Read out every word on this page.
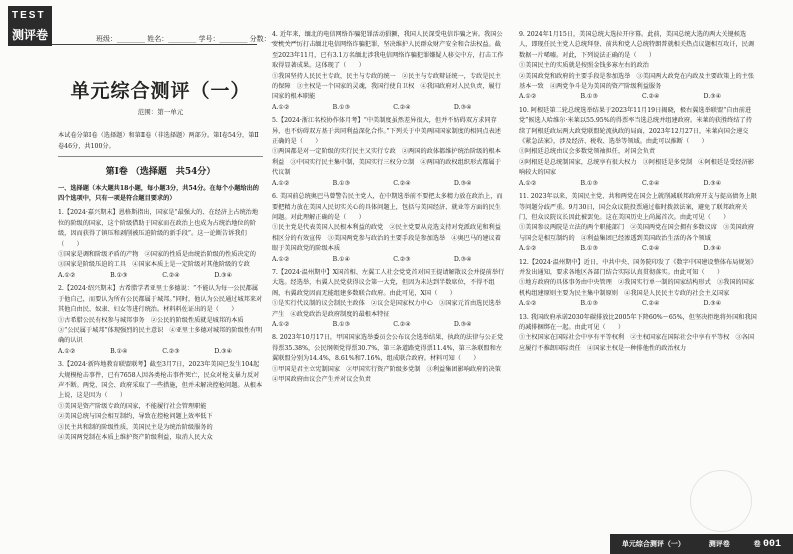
TEST
测评卷	班级：________ 姓名：________ 学号：________ 分数：________
单元综合测评（一）
范围：第一单元
本试卷分第Ⅰ卷（选择题）和第Ⅱ卷（非选择题）两部分。第Ⅰ卷54分，第Ⅱ卷46分，共100分。
第Ⅰ卷 （选择题　共54分）
一、选择题（本大题共18小题，每小题3分，共54分。在每个小题给出的四个选项中，只有一项是符合题目要求的）

1.【2024·嘉兴期末】恩格斯指出，国家是“最强大的、在经济上占统治地位的阶级的国家，这个阶级借助于国家而在政治上也成为占统治地位的阶级，因而获得了镇压和剥削被压迫阶级的新手段”。这一论断告诉我们（　　）

①国家是调和阶级矛盾的产物　②国家的性质是由统治阶级的性质决定的　③国家是阶级压迫的工具　④国家本质上是一定阶级对其他阶级的专政

A.①②	B.①③	C.②④	D.③④

2.【2024·绍兴期末】古希腊学者亚里士多德说：“不能认为每一公民都属于他自己，而要认为所有公民都属于城邦。”同时，他认为公民通过城邦来对其他自由民、奴隶、妇女等进行统治。材料料佐证出的是（　　）

①古希腊公民有权参与城邦事务　②公民的阶级性质就是城邦的本质　③“公民属于城邦”体现强烈的民主意识　④亚里士多德对城邦的阶级性有明确的认识

A.①②	B.①④	C.②③	D.③④

3.【2024·新阵地教育联盟联考】截至3月7日，2023年美国已发生104起大规模枪击事件，已有7658人因各类枪击事件死亡，民众对枪支暴力反对声不断。两党、国会、政府采取了一些措施，但并未解决控枪问题。从根本上说，这是因为（　　）

①美国是资产阶级专政的国家，不能履行社会管理职能

②美国总统与国会相互制约，导致在控枪问题上效率低下

③民主共和制的阶级性质，美国民主是为统治阶级服务的

④美国两党制在本质上维护资产阶级利益，取消人民大众

4. 近年来，缅北的电信网络诈骗犯罪活动猖獗，我国人民深受电信诈骗之害。我国公安机关严厉打击缅北电信网络诈骗犯罪，坚决维护人民群众财产安全和合法权益。截至2023年11月，已有3.1万名缅北涉我电信网络诈骗犯罪嫌疑人移交中方，打击工作取得显著成果。这体现了（　　）

①我国坚持人民民主专政，民主与专政的统一　②民主与专政辩证统一，专政是民主的保障　③主权是一个国家的灵魂，我国行使自卫权　④我国政府对人民负责，履行国家的根本职能

A.①②	B.①③	C.②④	D.③④

5.【2024·浙江名校协作体月考】“中美制度虽然差异很大，但并不妨碍双方求同存异，也不妨碍双方基于共同利益深化合作。”下列关于中美两国国家制度的相同点表述正确的是（　　）

①两国都是对一定阶级的实行民主又实行专政　②两国的政体都维护统治阶级的根本利益　③中国实行民主集中制，美国实行三权分立制　④两国的政权组织形式都属于代议制

A.①②	B.①③	C.②④	D.③④

6. 美国前总统奥巴马曾警告民主党人，在中期选举前不要把太多精力放在政治上，而要把精力放在美国人民切实关心的具体问题上，包括与美国经济、就业等方面的民生问题。对此理解正确的是（　　）

①民主党是代表美国人民根本利益的政党　②民主党要从竞选支持对党派政见和利益相区分的有效宣传　③美国两党参与政治的主要手段是参加选举　④奥巴马的建议着眼于美国政党的阶级本质

A.①②	B.①④	C.②③	D.③④

7.【2024·温州期中】X国首相、左翼工人社会党党首对国王提请解散议会并提前举行大选。经选举，右翼人民党获得议会第一大党，但因为未达到半数席位，不得不组阁，右翼政党因而无能组建多数联合政府。由此可见，X国（　　）

①是实行代议制的议会制民主政体　②议会是国家权力中心　③国家元首由选民选举产生　④政党政治是政府制度的最根本特征

A.①②	B.①③	C.②④	D.③④

8. 2023年10月17日，甲国国家选举委员会公布议会选举结果，执政的法律与公正党得票35.38%，公民纲领党得票30.7%，第三条道路党得票11.4%，第三条联盟和左翼联盟分别为14.4%，8.61%和7.16%，组成联合政府。材料可知（　　）

①甲国是君主立宪制国家　②甲国实行资产阶级多党制　③利益集团影响政府的决策　④甲国政府由议会产生并对议会负责

9. 2024年1月15日，美国总统大选拉开序幕。此前，美国总统大选的两大关键候选人，即现任民主党人总统拜登、前共和党人总统特朗普就相关热点议题相互攻讦，民调数据一片唏嘘。对此，下列说法正确的是（　　）

①美国民主的实质就是按照金钱多寡左右的政治

②美国政党和政府的主要手段是参加选举　③美国两大政党在内政及主要政策上的主张基本一致　④两党争斗是为美国的资产阶级利益服务

A.①②	B.①③	C.②④	D.③④

10. 阿根廷第二轮总统选举结果于2023年11月19日揭晓，极右翼选举联盟“自由前进党”候选人哈维尔·米莱以55.95%的得票率当选总统并组建政府。米莱的获胜终结了持续了阿根廷政坛两大政党联盟轮流执政的局面，2023年12月27日，米莱向国会递交《紧急法案》，涉及经济、税收、选举等领域。由此可以推断（　　）

①阿根廷总统由议会多数党领袖担任，对国会负责

②阿根廷是总统制国家，总统享有很大权力　③阿根廷是多党制　④阿根廷是受经济影响较大的国家

A.①②	B.①③	C.②④	D.③④

11. 2023年以来，美国民主党、共和两党在国会上就削减联邦政府开支与提高债务上限等问题分歧严重。9月30日，国会众议院投票通过临时拨款法案，避免了联邦政府关门，但众议院议长因此被罢免。这在美国历史上尚属首次。由此可见（　　）

①美国参议两院是立法的两个职能部门　②美国两党在国会拥有多数议席　③美国政府与国会是相互制约的　④利益集团已经渗透到美国政治生活的各个领域

A.①②	B.①③	C.②④	D.③④

12.【2024·温州期中】近日，中共中央、国务院印发了《数字中国建设整体布局规划》并发出通知，要求各地区各部门结合实际认真贯彻落实。由此可知（　　）

①地方政府的具体事务由中央管理　②我国实行单一制的国家结构形式　③我国的国家机构组建原则主要为民主集中制原则　④我国是人民民主专政的社会主义国家

A.①②	B.①③	C.②④	D.③④

13. 我国政府承诺2030年碳排放比2005年下降60%～65%，但坚决拒绝将外国和我国的减排捆绑在一起。由此可见（　　）

①主权国家在国际社会中享有平等权利　②主权国家在国际社会中享有平等权　③各国应履行不推卸国际责任　④国家主权是一种排他性的政治权力

单元综合测评（一）	测评卷	卷 001
